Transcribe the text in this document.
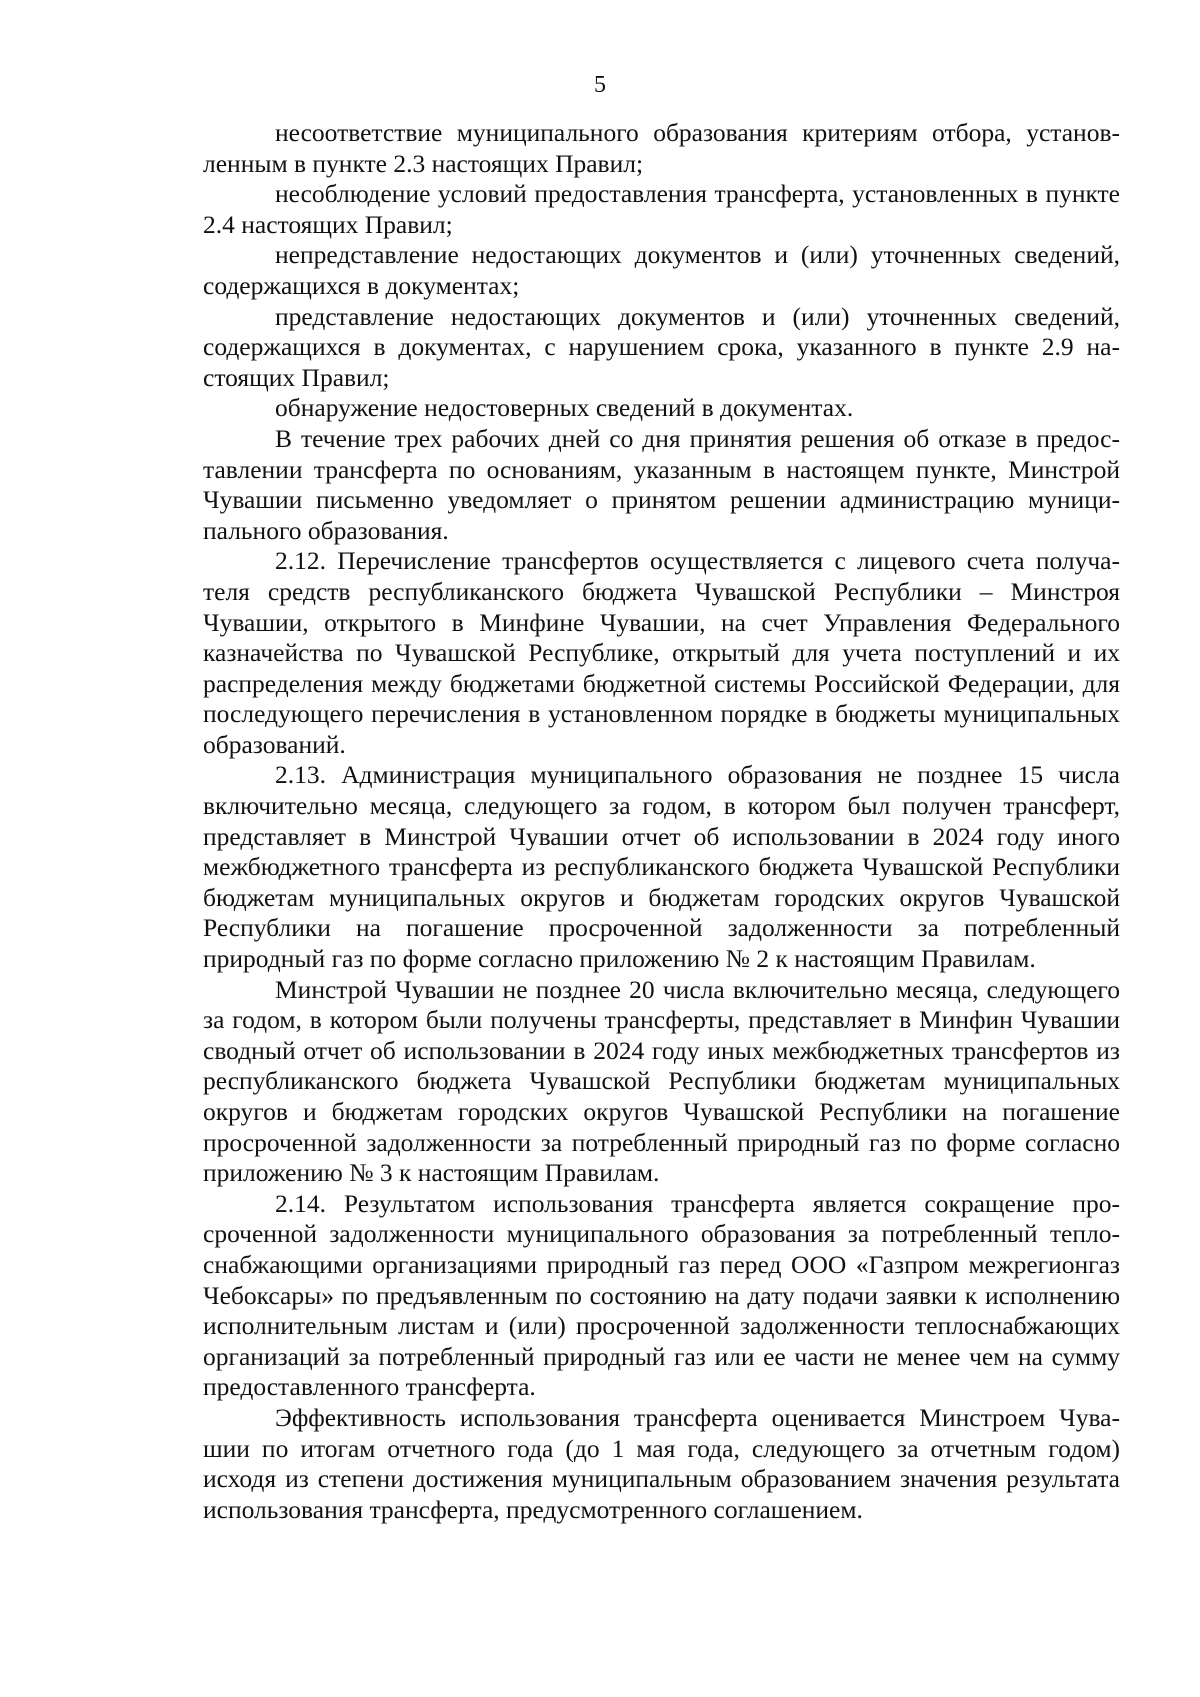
5

несоответствие муниципального образования критериям отбора, установленным в пункте 2.3 настоящих Правил;

несоблюдение условий предоставления трансферта, установленных в пункте 2.4 настоящих Правил;

непредставление недостающих документов и (или) уточненных сведений, содержащихся в документах;

представление недостающих документов и (или) уточненных сведений, содержащихся в документах, с нарушением срока, указанного в пункте 2.9 настоящих Правил;

обнаружение недостоверных сведений в документах.

В течение трех рабочих дней со дня принятия решения об отказе в предоставлении трансферта по основаниям, указанным в настоящем пункте, Минстрой Чувашии письменно уведомляет о принятом решении администрацию муниципального образования.

2.12. Перечисление трансфертов осуществляется с лицевого счета получателя средств республиканского бюджета Чувашской Республики – Минстроя Чувашии, открытого в Минфине Чувашии, на счет Управления Федерального казначейства по Чувашской Республике, открытый для учета поступлений и их распределения между бюджетами бюджетной системы Российской Федерации, для последующего перечисления в установленном порядке в бюджеты муниципальных образований.

2.13. Администрация муниципального образования не позднее 15 числа включительно месяца, следующего за годом, в котором был получен трансферт, представляет в Минстрой Чувашии отчет об использовании в 2024 году иного межбюджетного трансферта из республиканского бюджета Чувашской Республики бюджетам муниципальных округов и бюджетам городских округов Чувашской Республики на погашение просроченной задолженности за потребленный природный газ по форме согласно приложению № 2 к настоящим Правилам.

Минстрой Чувашии не позднее 20 числа включительно месяца, следующего за годом, в котором были получены трансферты, представляет в Минфин Чувашии сводный отчет об использовании в 2024 году иных межбюджетных трансфертов из республиканского бюджета Чувашской Республики бюджетам муниципальных округов и бюджетам городских округов Чувашской Республики на погашение просроченной задолженности за потребленный природный газ по форме согласно приложению № 3 к настоящим Правилам.

2.14. Результатом использования трансферта является сокращение просроченной задолженности муниципального образования за потребленный теплоснабжающими организациями природный газ перед ООО «Газпром межрегионгаз Чебоксары» по предъявленным по состоянию на дату подачи заявки к исполнению исполнительным листам и (или) просроченной задолженности теплоснабжающих организаций за потребленный природный газ или ее части не менее чем на сумму предоставленного трансферта.

Эффективность использования трансферта оценивается Минстроем Чувашии по итогам отчетного года (до 1 мая года, следующего за отчетным годом) исходя из степени достижения муниципальным образованием значения результата использования трансферта, предусмотренного соглашением.
